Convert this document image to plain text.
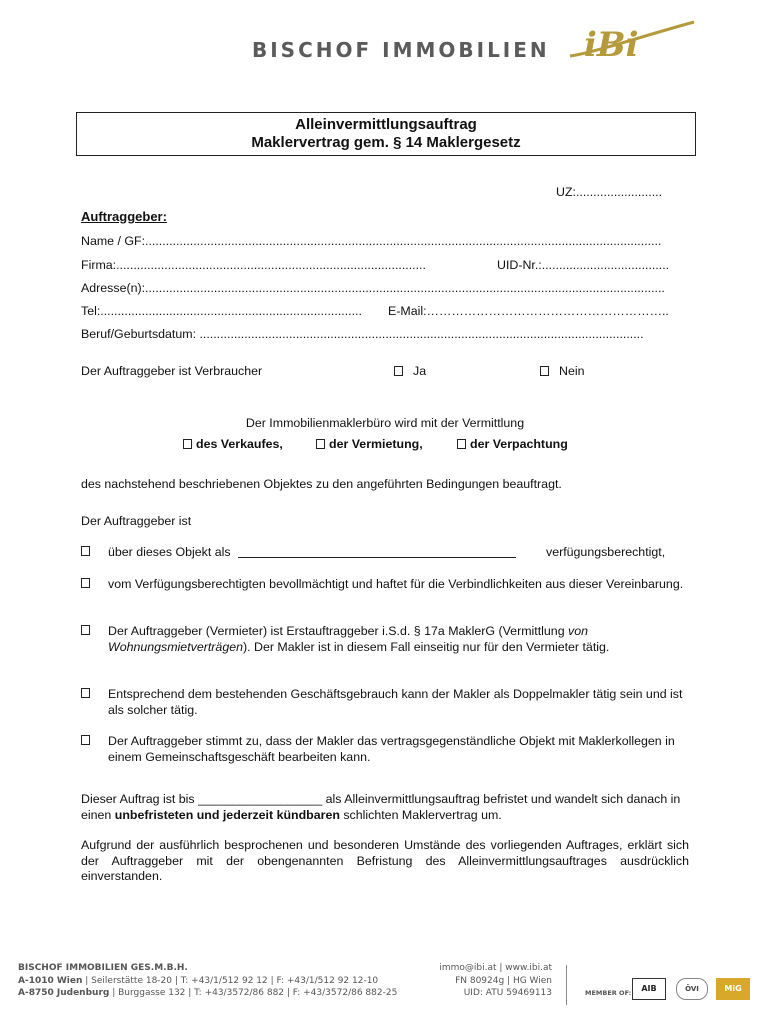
BISCHOF IMMOBILIEN iBi
Alleinvermittlungsauftrag
Maklervertrag gem. § 14 Maklergesetz
UZ:.........................
Auftraggeber:
Name / GF:......................................................................................................................................................
Firma:..........................................................................................	UID-Nr.:.....................................
Adresse(n):.......................................................................................................................................................
Tel:............................................................................ E-Mail:…………………………………………………..
Beruf/Geburtsdatum: .................................................................................................................................
Der Auftraggeber ist Verbraucher	Ja	Nein
Der Immobilienmaklerbüro wird mit der Vermittlung
des Verkaufes,	der Vermietung,	der Verpachtung
des nachstehend beschriebenen Objektes zu den angeführten Bedingungen beauftragt.
Der Auftraggeber ist
über dieses Objekt als	verfügungsberechtigt,
vom Verfügungsberechtigten bevollmächtigt und haftet für die Verbindlichkeiten aus dieser Vereinbarung.
Der Auftraggeber (Vermieter) ist Erstauftraggeber i.S.d. § 17a MaklerG (Vermittlung von Wohnungsmietverträgen). Der Makler ist in diesem Fall einseitig nur für den Vermieter tätig.
Entsprechend dem bestehenden Geschäftsgebrauch kann der Makler als Doppelmakler tätig sein und ist als solcher tätig.
Der Auftraggeber stimmt zu, dass der Makler das vertragsgegenständliche Objekt mit Maklerkollegen in einem Gemeinschaftsgeschäft bearbeiten kann.
Dieser Auftrag ist bis __________________ als Alleinvermittlungsauftrag befristet und wandelt sich danach in einen unbefristeten und jederzeit kündbaren schlichten Maklervertrag um.
Aufgrund der ausführlich besprochenen und besonderen Umstände des vorliegenden Auftrages, erklärt sich der Auftraggeber mit der obengenannten Befristung des Alleinvermittlungsauftrages ausdrücklich einverstanden.
BISCHOF IMMOBILIEN GES.M.B.H.
A-1010 Wien | Seilerstätte 18-20 | T: +43/1/512 92 12 | F: +43/1/512 92 12-10
A-8750 Judenburg | Burggasse 132 | T: +43/3572/86 882 | F: +43/3572/86 882-25
immo@ibi.at | www.ibi.at
FN 80924g | HG Wien
UID: ATU 59469113	MEMBER OF:	AIB	ÖVI	MiG
